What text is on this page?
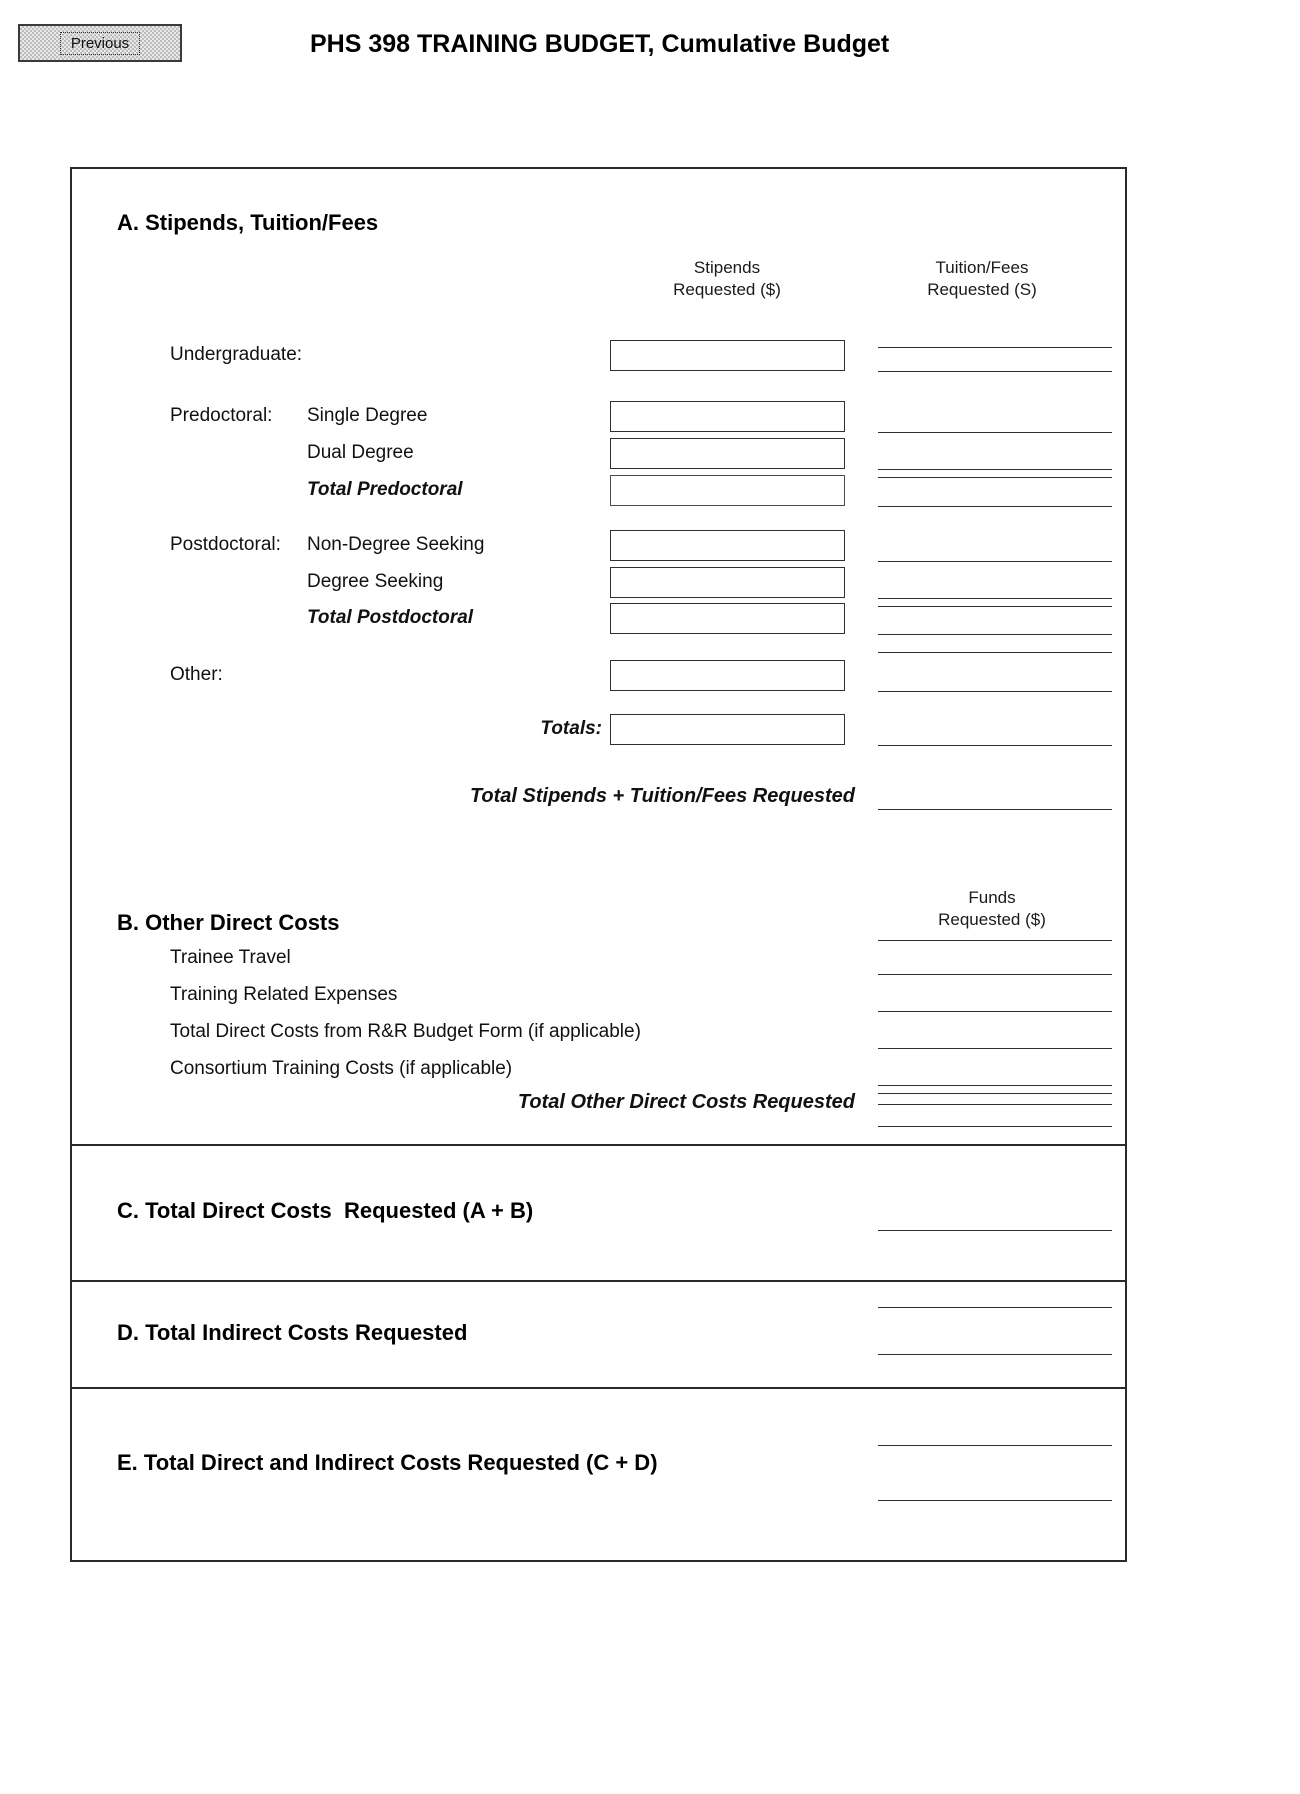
Previous	PHS 398 TRAINING BUDGET, Cumulative Budget
A. Stipends, Tuition/Fees
Stipends
Requested ($)
Tuition/Fees
Requested (S)
Undergraduate:
Predoctoral: Single Degree
Dual Degree
Total Predoctoral
Postdoctoral: Non-Degree Seeking
Degree Seeking
Total Postdoctoral
Other:
Totals:
Total Stipends + Tuition/Fees Requested
Funds
Requested ($)
B. Other Direct Costs
Trainee Travel
Training Related Expenses
Total Direct Costs from R&R Budget Form (if applicable)
Consortium Training Costs (if applicable)
Total Other Direct Costs Requested
C. Total Direct Costs  Requested (A + B)
D. Total Indirect Costs Requested
E. Total Direct and Indirect Costs Requested (C + D)
